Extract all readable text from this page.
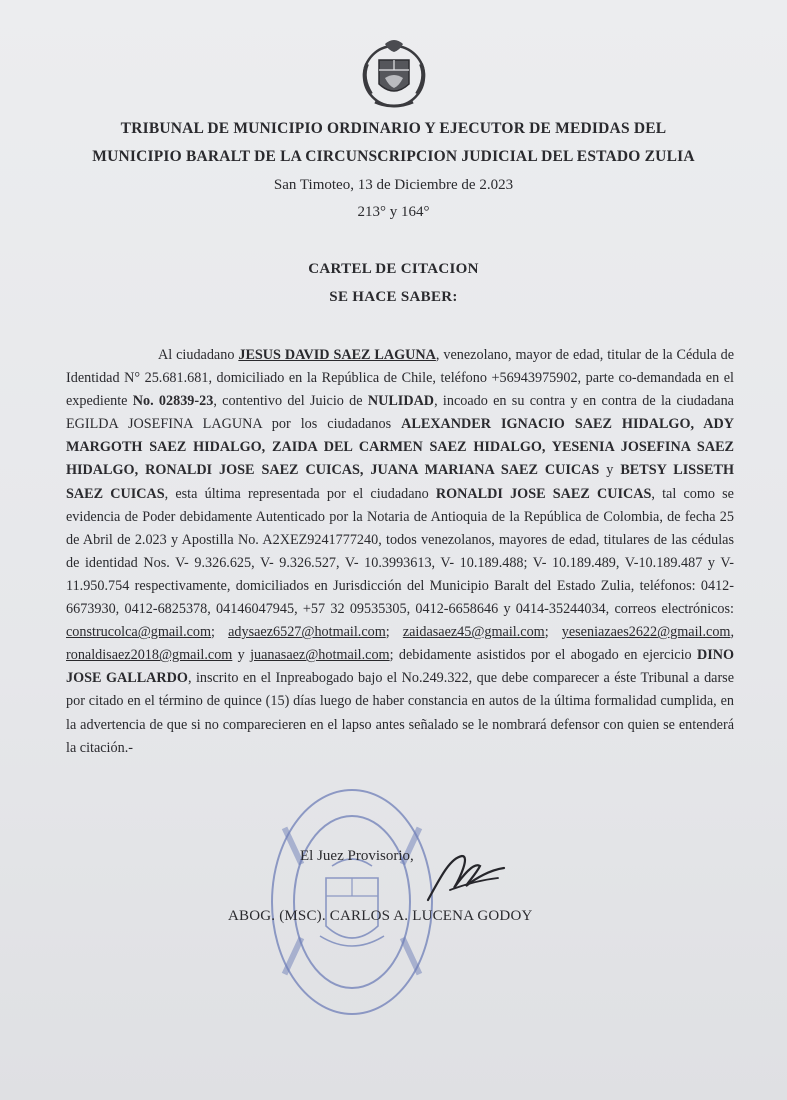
TRIBUNAL DE MUNICIPIO ORDINARIO Y EJECUTOR DE MEDIDAS DEL
MUNICIPIO BARALT DE LA CIRCUNSCRIPCION JUDICIAL DEL ESTADO ZULIA
San Timoteo, 13 de Diciembre de 2.023
213° y 164°
CARTEL DE CITACION
SE HACE SABER:

Al ciudadano JESUS DAVID SAEZ LAGUNA, venezolano, mayor de edad, titular de la Cédula de Identidad N° 25.681.681, domiciliado en la República de Chile, teléfono +56943975902, parte co-demandada en el expediente No. 02839-23, contentivo del Juicio de NULIDAD, incoado en su contra y en contra de la ciudadana EGILDA JOSEFINA LAGUNA por los ciudadanos ALEXANDER IGNACIO SAEZ HIDALGO, ADY MARGOTH SAEZ HIDALGO, ZAIDA DEL CARMEN SAEZ HIDALGO, YESENIA JOSEFINA SAEZ HIDALGO, RONALDI JOSE SAEZ CUICAS, JUANA MARIANA SAEZ CUICAS y BETSY LISSETH SAEZ CUICAS, esta última representada por el ciudadano RONALDI JOSE SAEZ CUICAS, tal como se evidencia de Poder debidamente Autenticado por la Notaria de Antioquia de la República de Colombia, de fecha 25 de Abril de 2.023 y Apostilla No. A2XEZ9241777240, todos venezolanos, mayores de edad, titulares de las cédulas de identidad Nos. V- 9.326.625, V- 9.326.527, V- 10.3993613, V- 10.189.488; V- 10.189.489, V-10.189.487 y V- 11.950.754 respectivamente, domiciliados en Jurisdicción del Municipio Baralt del Estado Zulia, teléfonos: 0412- 6673930, 0412-6825378, 04146047945, +57 32 09535305, 0412-6658646 y 0414-35244034, correos electrónicos: construcolca@gmail.com; adysaez6527@hotmail.com; zaidasaez45@gmail.com; yeseniazaes2622@gmail.com, ronaldisaez2018@gmail.com y juanasaez@hotmail.com; debidamente asistidos por el abogado en ejercicio DINO JOSE GALLARDO, inscrito en el Inpreabogado bajo el No.249.322, que debe comparecer a éste Tribunal a darse por citado en el término de quince (15) días luego de haber constancia en autos de la última formalidad cumplida, en la advertencia de que si no comparecieren en el lapso antes señalado se le nombrará defensor con quien se entenderá la citación.-

El Juez Provisorio,
ABOG. (MSC). CARLOS A. LUCENA GODOY
